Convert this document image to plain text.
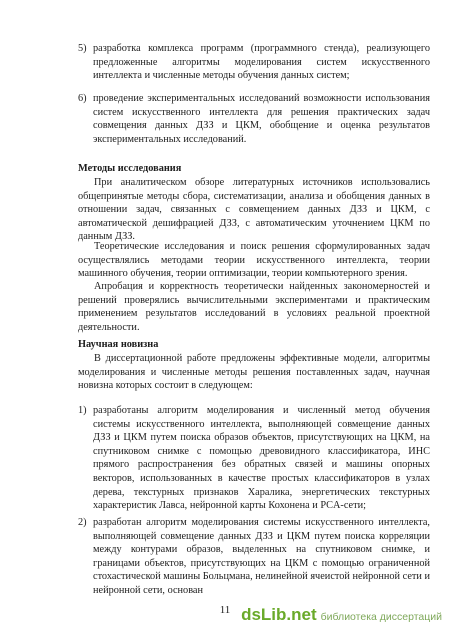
5) разработка комплекса программ (программного стенда), реализующего предложенные алгоритмы моделирования систем искусственного интеллекта и численные методы обучения данных систем;

6) проведение экспериментальных исследований возможности использования систем искусственного интеллекта для решения практических задач совмещения данных ДЗЗ и ЦКМ, обобщение и оценка результатов экспериментальных исследований.

Методы исследования

При аналитическом обзоре литературных источников использовались общепринятые методы сбора, систематизации, анализа и обобщения данных в отношении задач, связанных с совмещением данных ДЗЗ и ЦКМ, с автоматической дешифрацией ДЗЗ, с автоматическим уточнением ЦКМ по данным ДЗЗ.

Теоретические исследования и поиск решения сформулированных задач осуществлялись методами теории искусственного интеллекта, теории машинного обучения, теории оптимизации, теории компьютерного зрения.

Апробация и корректность теоретически найденных закономерностей и решений проверялись вычислительными экспериментами и практическим применением результатов исследований в условиях реальной проектной деятельности.

Научная новизна

В диссертационной работе предложены эффективные модели, алгоритмы моделирования и численные методы решения поставленных задач, научная новизна которых состоит в следующем:

1) разработаны алгоритм моделирования и численный метод обучения системы искусственного интеллекта, выполняющей совмещение данных ДЗЗ и ЦКМ путем поиска образов объектов, присутствующих на ЦКМ, на спутниковом снимке с помощью древовидного классификатора, ИНС прямого распространения без обратных связей и машины опорных векторов, использованных в качестве простых классификаторов в узлах дерева, текстурных признаков Харалика, энергетических текстурных характеристик Лавса, нейронной карты Кохонена и PCA-сети;

2) разработан алгоритм моделирования системы искусственного интеллекта, выполняющей совмещение данных ДЗЗ и ЦКМ путем поиска корреляции между контурами образов, выделенных на спутниковом снимке, и границами объектов, присутствующих на ЦКМ с помощью ограниченной стохастической машины Больцмана, нелинейной ячеистой нейронной сети и нейронной сети, основан

11 dsLib.net библиотека диссертаций
